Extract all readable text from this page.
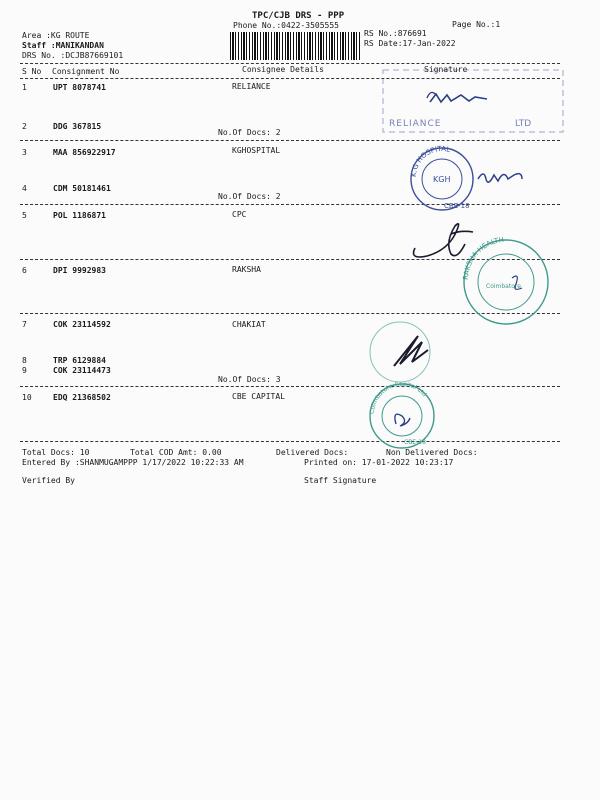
TPC/CJB DRS - PPP
Phone No.:0422-3505555	Page No.:1
Area :KG ROUTE
Staff :MANIKANDAN
DRS No. :DCJB87669101
RS No.:876691
RS Date:17-Jan-2022
S No Consignment No	Consignee Details	Signature
1	UPT 8078741	RELIANCE
2	DDG 367815
No.Of Docs: 2
3	MAA 856922917	KGHOSPITAL
4	CDM 50181461
No.Of Docs: 2
5	POL 1186871	CPC
6	DPI 9992983	RAKSHA
7	COK 23114592	CHAKIAT
8	TRP 6129884
9	COK 23114473
No.Of Docs: 3
10	EDQ 21368502	CBE CAPITAL
Total Docs: 10	Total COD Amt: 0.00	Delivered Docs:	Non Delivered Docs:
Entered By :SHANMUGAMPPP 1/17/2022 10:22:33 AM	Printed on: 17-01-2022 10:23:17
Verified By	Staff Signature
RELIANCE	LTD
K.G HOSPITAL
KGH
CBE-18
RAKSHA HEALTH
Coimbatore
Coimbatore Capital Ltd
CBE-18
